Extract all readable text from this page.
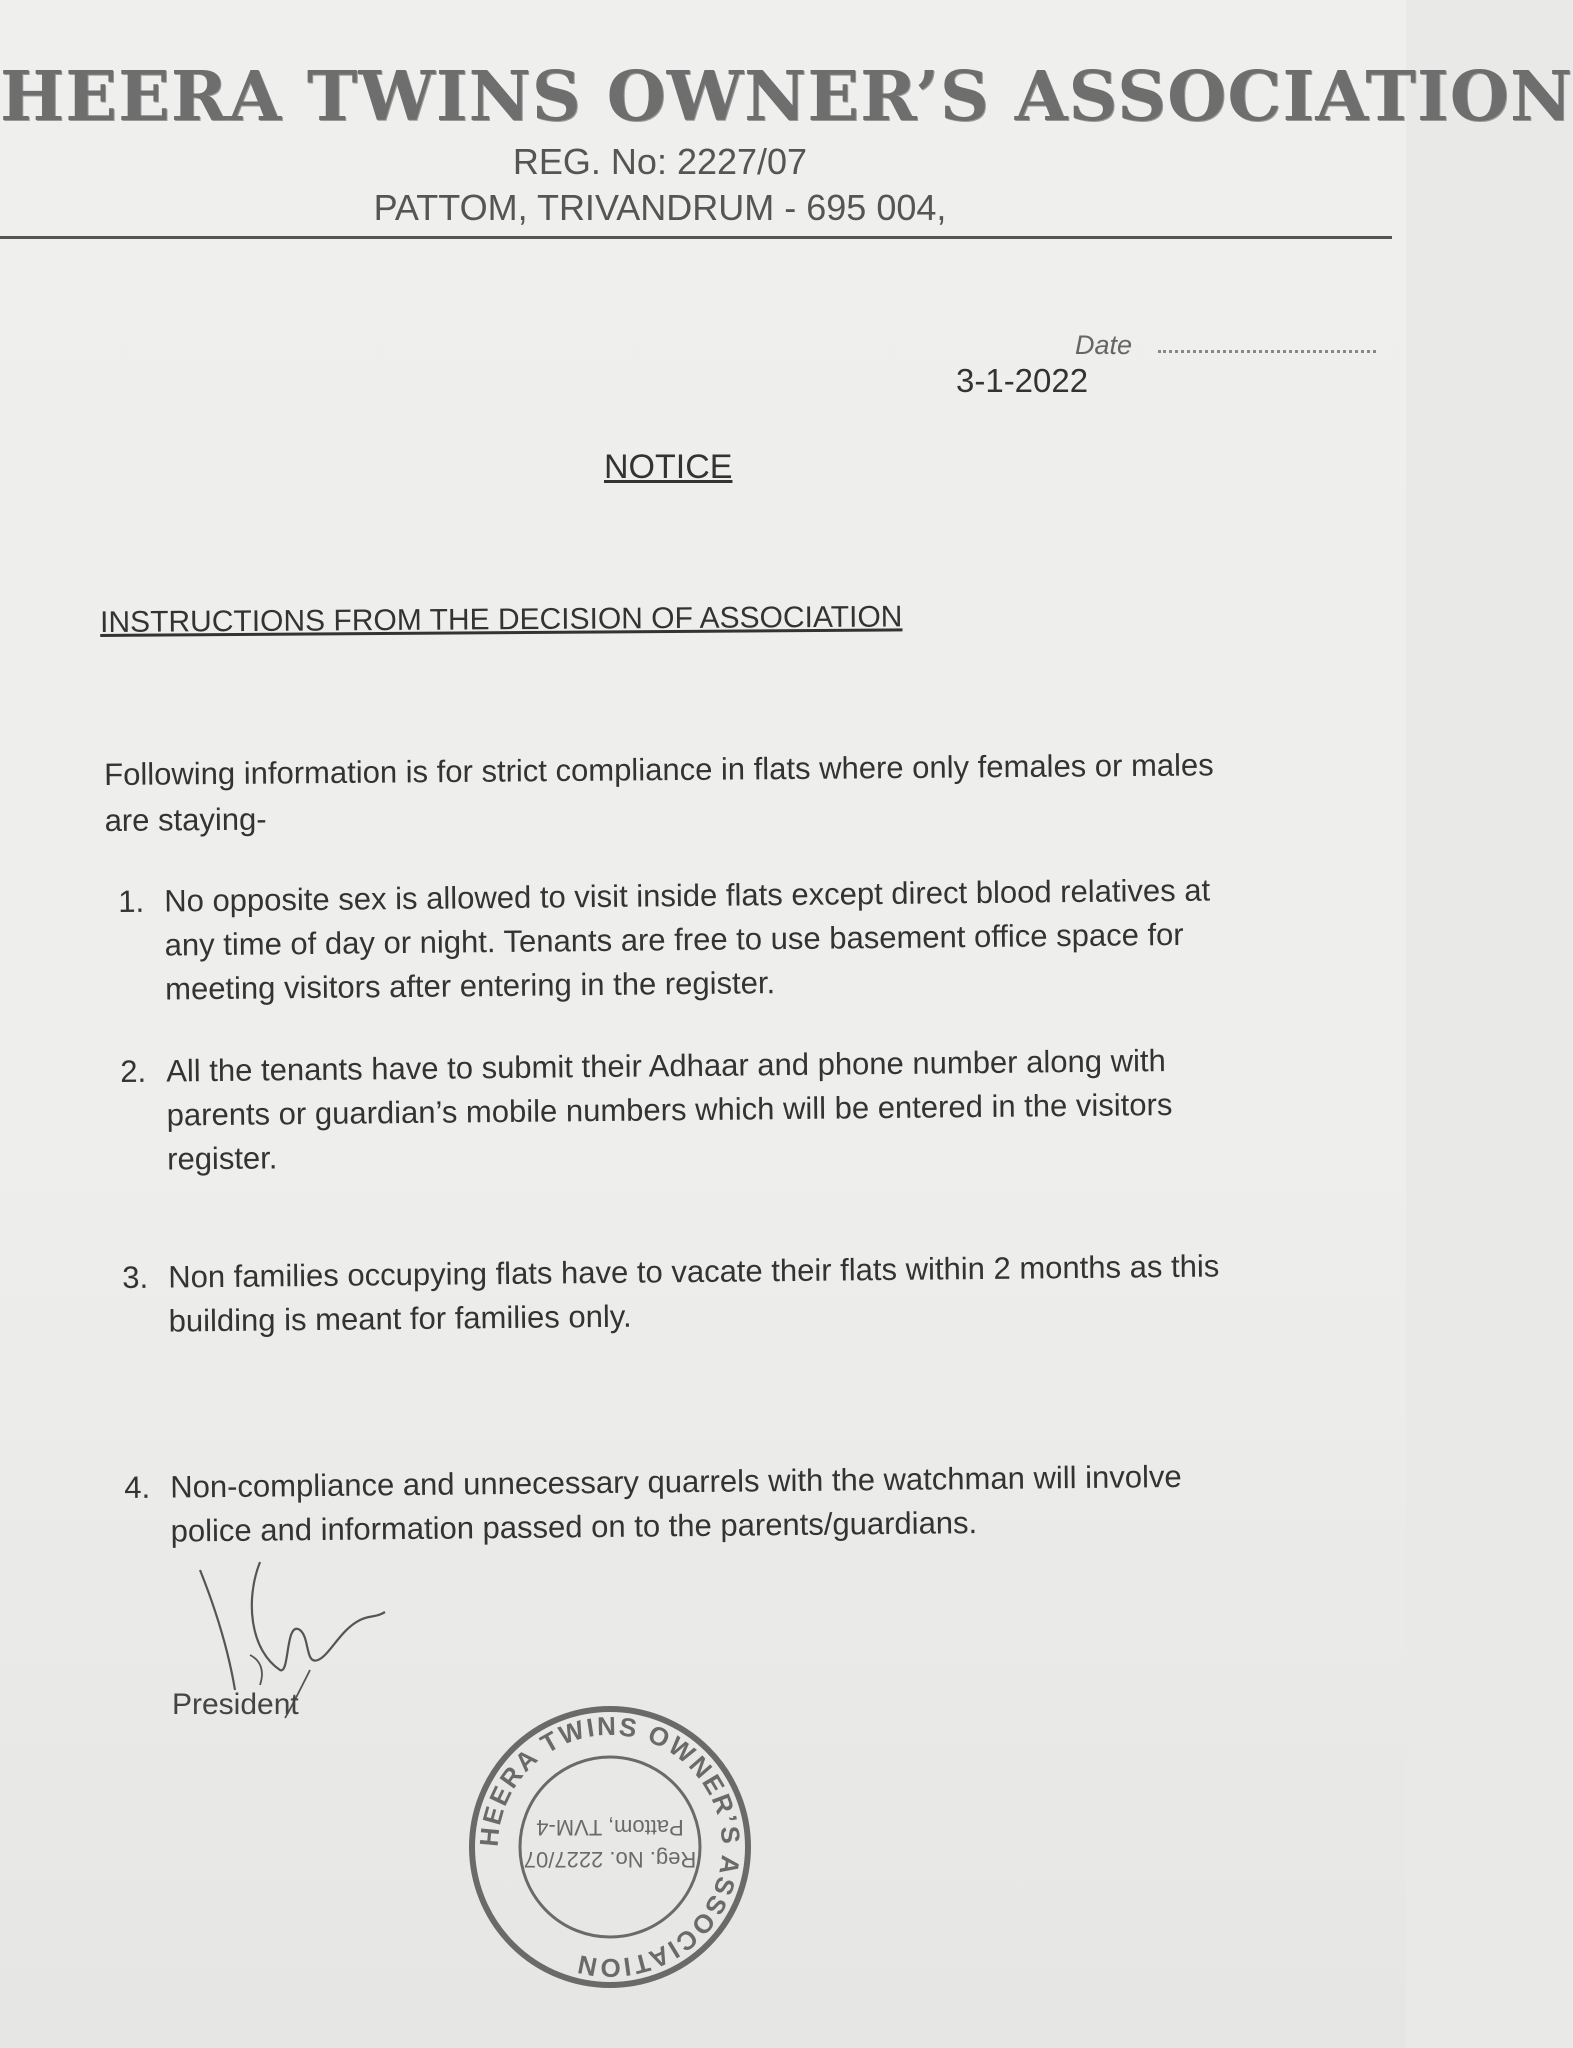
HEERA TWINS OWNER’S ASSOCIATION
REG. No: 2227/07
PATTOM, TRIVANDRUM - 695 004,
Date
3-1-2022
NOTICE
INSTRUCTIONS FROM THE DECISION OF ASSOCIATION
Following information is for strict compliance in flats where only females or males are staying-
1. No opposite sex is allowed to visit inside flats except direct blood relatives at any time of day or night. Tenants are free to use basement office space for meeting visitors after entering in the register.
2. All the tenants have to submit their Adhaar and phone number along with parents or guardian’s mobile numbers which will be entered in the visitors register.
3. Non families occupying flats have to vacate their flats within 2 months as this building is meant for families only.
4. Non-compliance and unnecessary quarrels with the watchman will involve police and information passed on to the parents/guardians.
President
HEERA TWINS OWNER’S ASSOCIATION
Reg. No. 2227/07
Pattom, TVM-4
